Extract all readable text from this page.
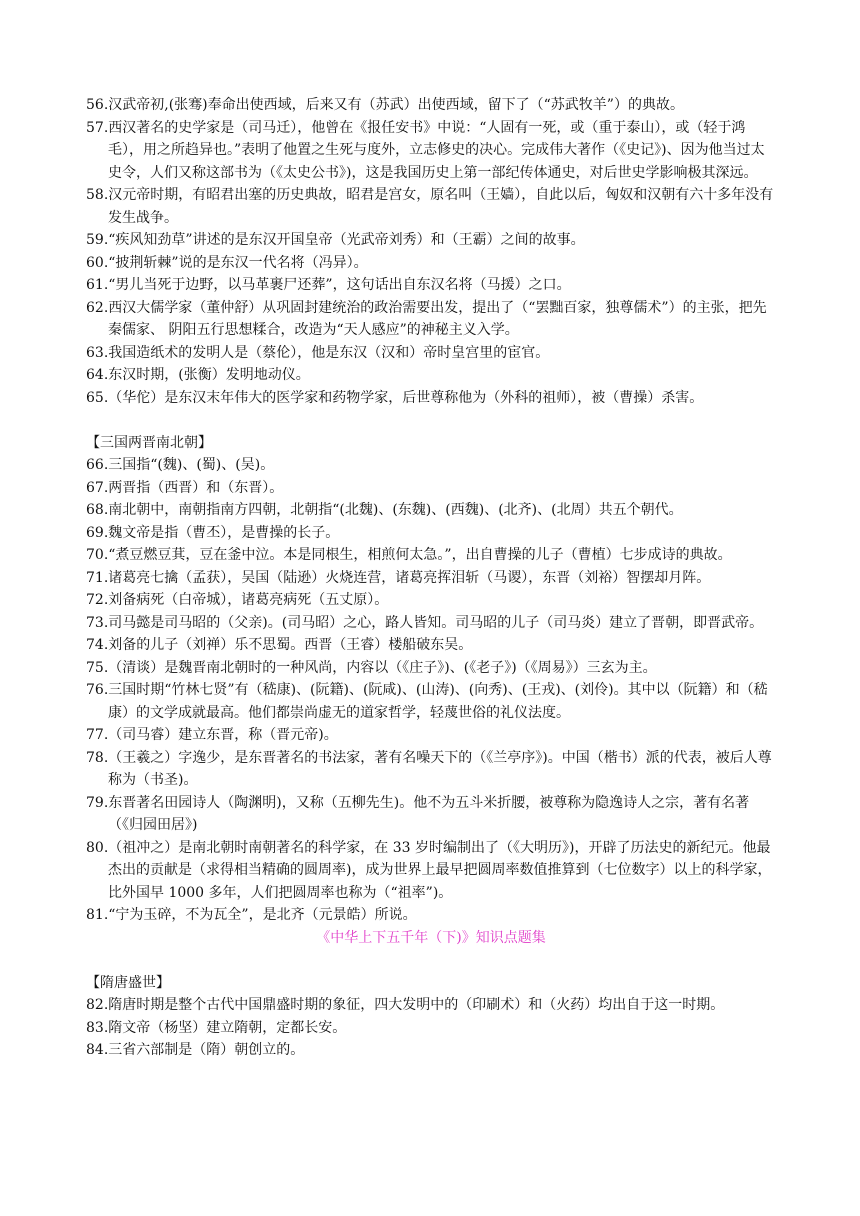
56.汉武帝初,(张骞)奉命出使西域，后来又有（苏武）出使西域，留下了（“苏武牧羊”）的典故。

57.西汉著名的史学家是（司马迁），他曾在《报任安书》中说：“人固有一死，或（重于泰山），或（轻于鸿毛），用之所趋异也。”表明了他置之生死与度外，立志修史的决心。完成伟大著作（《史记》)、因为他当过太史令，人们又称这部书为（《太史公书》)，这是我国历史上第一部纪传体通史，对后世史学影响极其深远。

58.汉元帝时期，有昭君出塞的历史典故，昭君是宫女，原名叫（王嫱），自此以后，匈奴和汉朝有六十多年没有发生战争。

59.“疾风知劲草”讲述的是东汉开国皇帝（光武帝刘秀）和（王霸）之间的故事。

60.“披荆斩棘”说的是东汉一代名将（冯异）。

61.“男儿当死于边野，以马革裹尸还葬”，这句话出自东汉名将（马援）之口。

62.西汉大儒学家（董仲舒）从巩固封建统治的政治需要出发，提出了（“罢黜百家，独尊儒术”）的主张，把先秦儒家、 阴阳五行思想糅合，改造为“天人感应”的神秘主义入学。

63.我国造纸术的发明人是（蔡伦），他是东汉（汉和）帝时皇宫里的宦官。

64.东汉时期，(张衡）发明地动仪。

65.（华佗）是东汉末年伟大的医学家和药物学家，后世尊称他为（外科的祖师），被（曹操）杀害。

【三国两晋南北朝】

66.三国指“(魏)、(蜀)、(吴)。

67.两晋指（西晋）和（东晋）。

68.南北朝中，南朝指南方四朝，北朝指“(北魏)、(东魏)、(西魏)、(北齐)、(北周）共五个朝代。

69.魏文帝是指（曹丕），是曹操的长子。

70.“煮豆燃豆萁，豆在釜中泣。本是同根生，相煎何太急。”，出自曹操的儿子（曹植）七步成诗的典故。

71.诸葛亮七擒（孟获），吴国（陆逊）火烧连营，诸葛亮挥泪斩（马谡），东晋（刘裕）智摆却月阵。

72.刘备病死（白帝城），诸葛亮病死（五丈原）。

73.司马懿是司马昭的（父亲)。(司马昭）之心，路人皆知。司马昭的儿子（司马炎）建立了晋朝，即晋武帝。

74.刘备的儿子（刘禅）乐不思蜀。西晋（王睿）楼船破东吴。

75.（清谈）是魏晋南北朝时的一种风尚，内容以（《庄子》)、(《老子》)（《周易》）三玄为主。

76.三国时期“竹林七贤”有（嵇康)、(阮籍)、(阮咸)、(山涛)、(向秀)、(王戎)、(刘伶)。其中以（阮籍）和（嵇康）的文学成就最高。他们都崇尚虚无的道家哲学，轻蔑世俗的礼仪法度。

77.（司马睿）建立东晋，称（晋元帝)。

78.（王羲之）字逸少，是东晋著名的书法家，著有名噪天下的（《兰亭序》)。中国（楷书）派的代表，被后人尊称为（书圣)。

79.东晋著名田园诗人（陶渊明)，又称（五柳先生)。他不为五斗米折腰，被尊称为隐逸诗人之宗，著有名著（《归园田居》)

80.（祖冲之）是南北朝时南朝著名的科学家，在 33 岁时编制出了（《大明历》)，开辟了历法史的新纪元。他最杰出的贡献是（求得相当精确的圆周率)，成为世界上最早把圆周率数值推算到（七位数字）以上的科学家，比外国早 1000 多年，人们把圆周率也称为（“祖率”)。

81.“宁为玉碎，不为瓦全”，是北齐（元景皓）所说。

《中华上下五千年（下)》知识点题集

【隋唐盛世】

82.隋唐时期是整个古代中国鼎盛时期的象征，四大发明中的（印刷术）和（火药）均出自于这一时期。

83.隋文帝（杨坚）建立隋朝，定都长安。

84.三省六部制是（隋）朝创立的。
